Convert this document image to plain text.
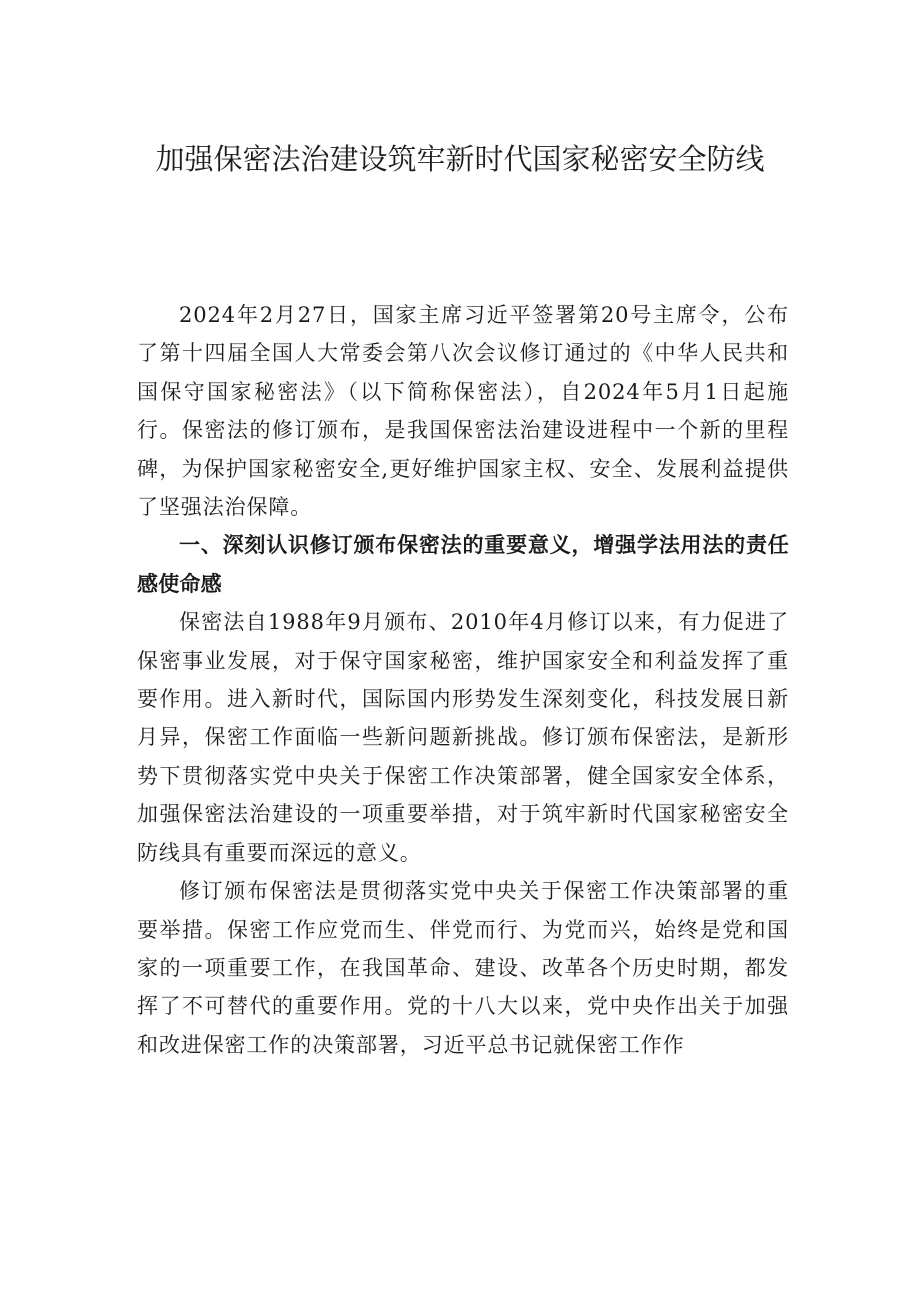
加强保密法治建设筑牢新时代国家秘密安全防线

2024年2月27日，国家主席习近平签署第20号主席令，公布了第十四届全国人大常委会第八次会议修订通过的《中华人民共和国保守国家秘密法》（以下简称保密法），自2024年5月1日起施行。保密法的修订颁布，是我国保密法治建设进程中一个新的里程碑，为保护国家秘密安全,更好维护国家主权、安全、发展利益提供了坚强法治保障。

一、深刻认识修订颁布保密法的重要意义，增强学法用法的责任感使命感

保密法自1988年9月颁布、2010年4月修订以来，有力促进了保密事业发展，对于保守国家秘密，维护国家安全和利益发挥了重要作用。进入新时代，国际国内形势发生深刻变化，科技发展日新月异，保密工作面临一些新问题新挑战。修订颁布保密法，是新形势下贯彻落实党中央关于保密工作决策部署，健全国家安全体系，加强保密法治建设的一项重要举措，对于筑牢新时代国家秘密安全防线具有重要而深远的意义。

修订颁布保密法是贯彻落实党中央关于保密工作决策部署的重要举措。保密工作应党而生、伴党而行、为党而兴，始终是党和国家的一项重要工作，在我国革命、建设、改革各个历史时期，都发挥了不可替代的重要作用。党的十八大以来，党中央作出关于加强和改进保密工作的决策部署，习近平总书记就保密工作作
